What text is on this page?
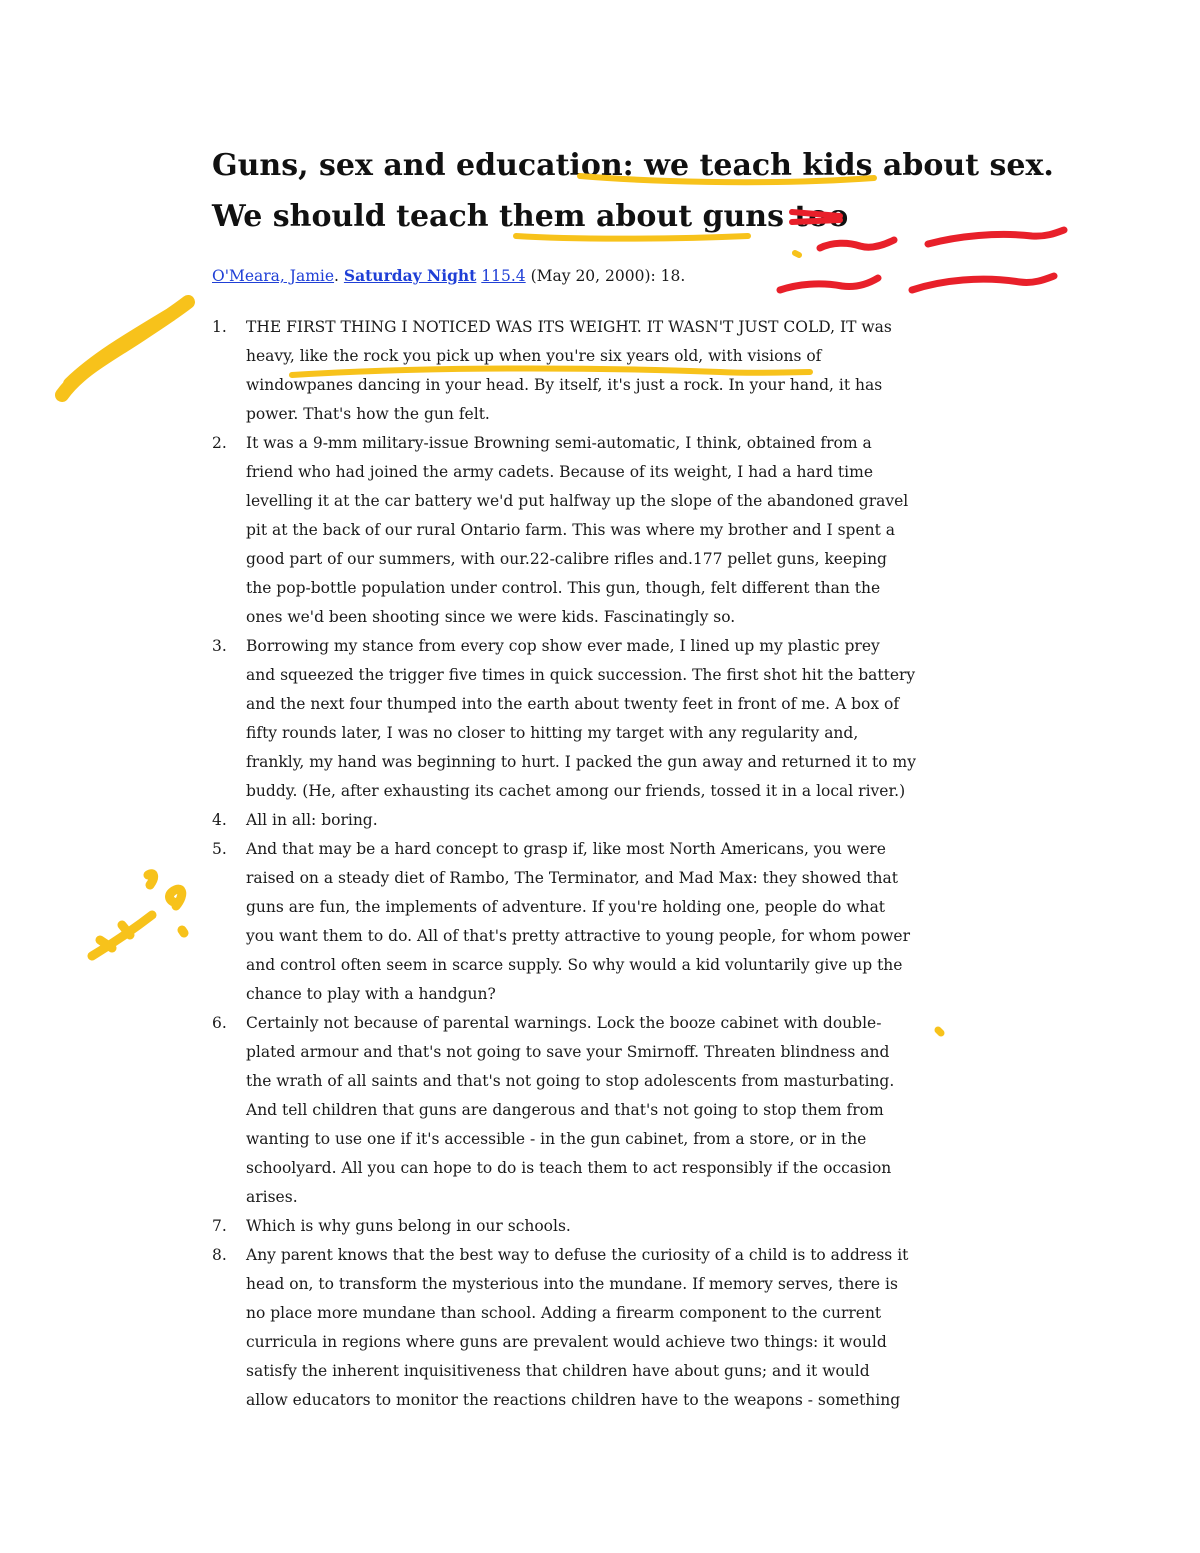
Guns, sex and education: we teach kids about sex.
We should teach them about guns too
O'Meara, Jamie. Saturday Night 115.4 (May 20, 2000): 18.
1. THE FIRST THING I NOTICED WAS ITS WEIGHT. IT WASN'T JUST COLD, IT was
heavy, like the rock you pick up when you're six years old, with visions of
windowpanes dancing in your head. By itself, it's just a rock. In your hand, it has
power. That's how the gun felt.
2. It was a 9-mm military-issue Browning semi-automatic, I think, obtained from a
friend who had joined the army cadets. Because of its weight, I had a hard time
levelling it at the car battery we'd put halfway up the slope of the abandoned gravel
pit at the back of our rural Ontario farm. This was where my brother and I spent a
good part of our summers, with our.22-calibre rifles and.177 pellet guns, keeping
the pop-bottle population under control. This gun, though, felt different than the
ones we'd been shooting since we were kids. Fascinatingly so.
3. Borrowing my stance from every cop show ever made, I lined up my plastic prey
and squeezed the trigger five times in quick succession. The first shot hit the battery
and the next four thumped into the earth about twenty feet in front of me. A box of
fifty rounds later, I was no closer to hitting my target with any regularity and,
frankly, my hand was beginning to hurt. I packed the gun away and returned it to my
buddy. (He, after exhausting its cachet among our friends, tossed it in a local river.)
4. All in all: boring.
5. And that may be a hard concept to grasp if, like most North Americans, you were
raised on a steady diet of Rambo, The Terminator, and Mad Max: they showed that
guns are fun, the implements of adventure. If you're holding one, people do what
you want them to do. All of that's pretty attractive to young people, for whom power
and control often seem in scarce supply. So why would a kid voluntarily give up the
chance to play with a handgun?
6. Certainly not because of parental warnings. Lock the booze cabinet with double-
plated armour and that's not going to save your Smirnoff. Threaten blindness and
the wrath of all saints and that's not going to stop adolescents from masturbating.
And tell children that guns are dangerous and that's not going to stop them from
wanting to use one if it's accessible - in the gun cabinet, from a store, or in the
schoolyard. All you can hope to do is teach them to act responsibly if the occasion
arises.
7. Which is why guns belong in our schools.
8. Any parent knows that the best way to defuse the curiosity of a child is to address it
head on, to transform the mysterious into the mundane. If memory serves, there is
no place more mundane than school. Adding a firearm component to the current
curricula in regions where guns are prevalent would achieve two things: it would
satisfy the inherent inquisitiveness that children have about guns; and it would
allow educators to monitor the reactions children have to the weapons - something
